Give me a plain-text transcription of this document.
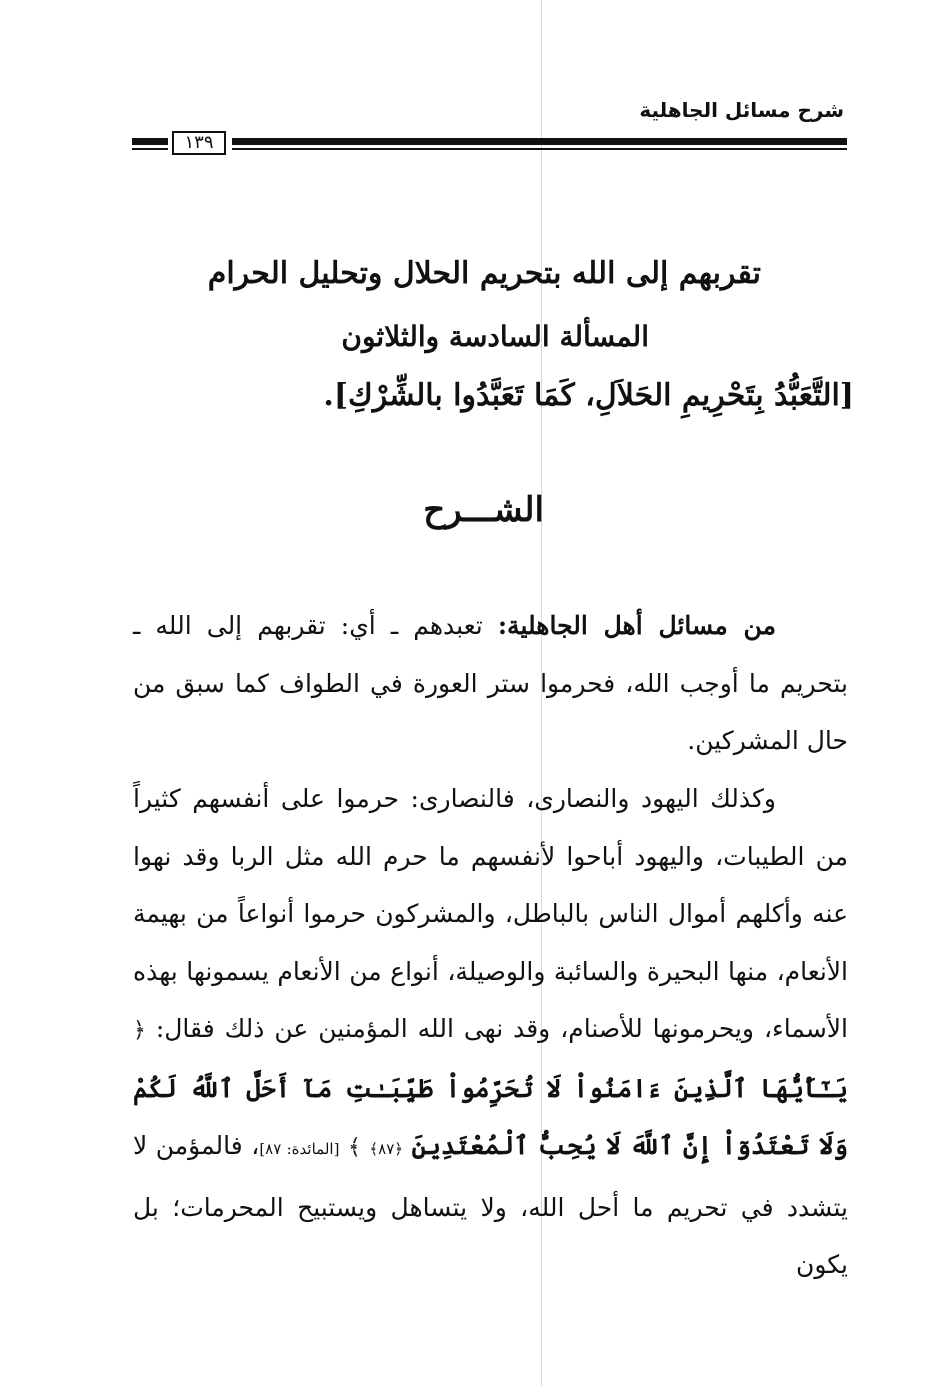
شرح مسائل الجاهلية
١٣٩
تقربهم إلى الله بتحريم الحلال وتحليل الحرام
المسألة السادسة والثلاثون
[التَّعَبُّدُ بِتَحْرِيمِ الحَلاَلِ، كَمَا تَعَبَّدُوا بالشِّرْكِ].
الشـــرح
من مسائل أهل الجاهلية: تعبدهم ـ أي: تقربهم إلى الله ـ بتحريم ما أوجب الله، فحرموا ستر العورة في الطواف كما سبق من حال المشركين.
وكذلك اليهود والنصارى، فالنصارى: حرموا على أنفسهم كثيراً من الطيبات، واليهود أباحوا لأنفسهم ما حرم الله مثل الربا وقد نهوا عنه وأكلهم أموال الناس بالباطل، والمشركون حرموا أنواعاً من بهيمة الأنعام، منها البحيرة والسائبة والوصيلة، أنواع من الأنعام يسمونها بهذه الأسماء، ويحرمونها للأصنام، وقد نهى الله المؤمنين عن ذلك فقال: ﴿ يَـٰٓأَيُّهَا ٱلَّذِينَ ءَامَنُواْ لَا تُحَرِّمُواْ طَيِّبَـٰتِ مَآ أَحَلَّ ٱللَّهُ لَكُمْ وَلَا تَعْتَدُوٓاْ إِنَّ ٱللَّهَ لَا يُحِبُّ ٱلْمُعْتَدِينَ ﴿٨٧﴾ ﴾ [المائدة: ٨٧]، فالمؤمن لا يتشدد في تحريم ما أحل الله، ولا يتساهل ويستبيح المحرمات؛ بل يكون
